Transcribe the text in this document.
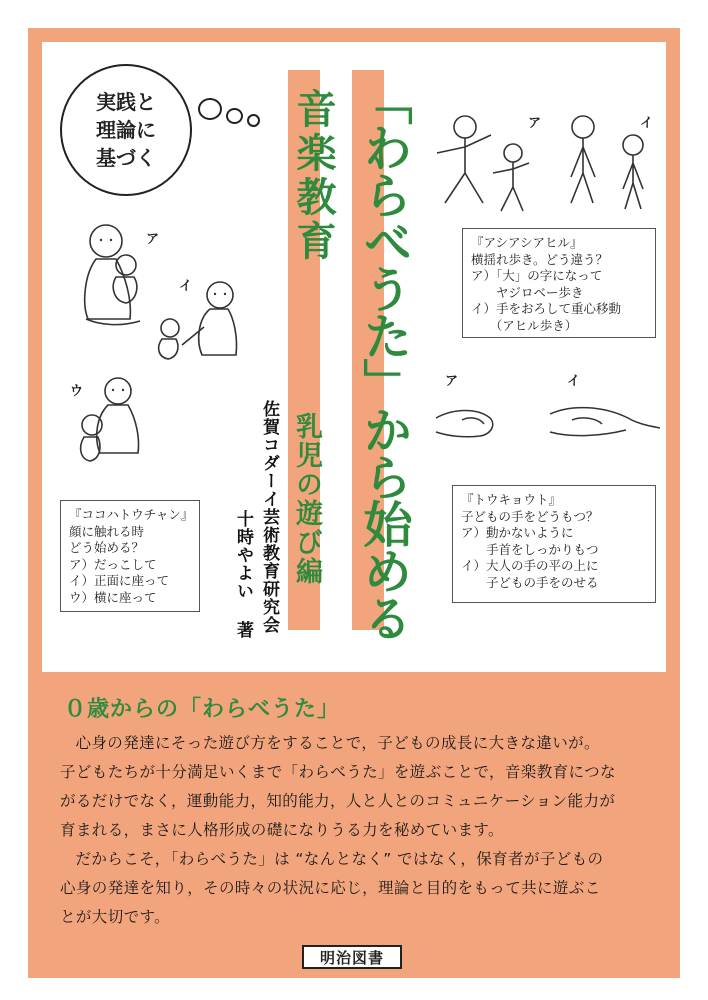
「わらべうた」から始める
音楽教育
乳児の遊び編
佐賀コダーイ芸術教育研究会
十時やよい 著
実践と
理論に
基づく
ア
イ
ウ
ア	イ
『アシアシアヒル』
横揺れ歩き。どう違う？
ア）「大」の字になって
　　ヤジロベー歩き
イ）手をおろして重心移動
　　（アヒル歩き）
ア	イ
『トウキョウト』
子どもの手をどうもつ？
ア）動かないように
　　手首をしっかりもつ
イ）大人の手の平の上に
　　子どもの手をのせる
『ココハトウチャン』
顔に触れる時
どう始める？
ア）だっこして
イ）正面に座って
ウ）横に座って
０歳からの「わらべうた」
心身の発達にそった遊び方をすることで，子どもの成長に大きな違いが。
子どもたちが十分満足いくまで「わらべうた」を遊ぶことで，音楽教育につな
がるだけでなく，運動能力，知的能力，人と人とのコミュニケーション能力が
育まれる，まさに人格形成の礎になりうる力を秘めています。
だからこそ，「わらべうた」は “なんとなく” ではなく，保育者が子どもの
心身の発達を知り，その時々の状況に応じ，理論と目的をもって共に遊ぶこ
とが大切です。
明治図書
